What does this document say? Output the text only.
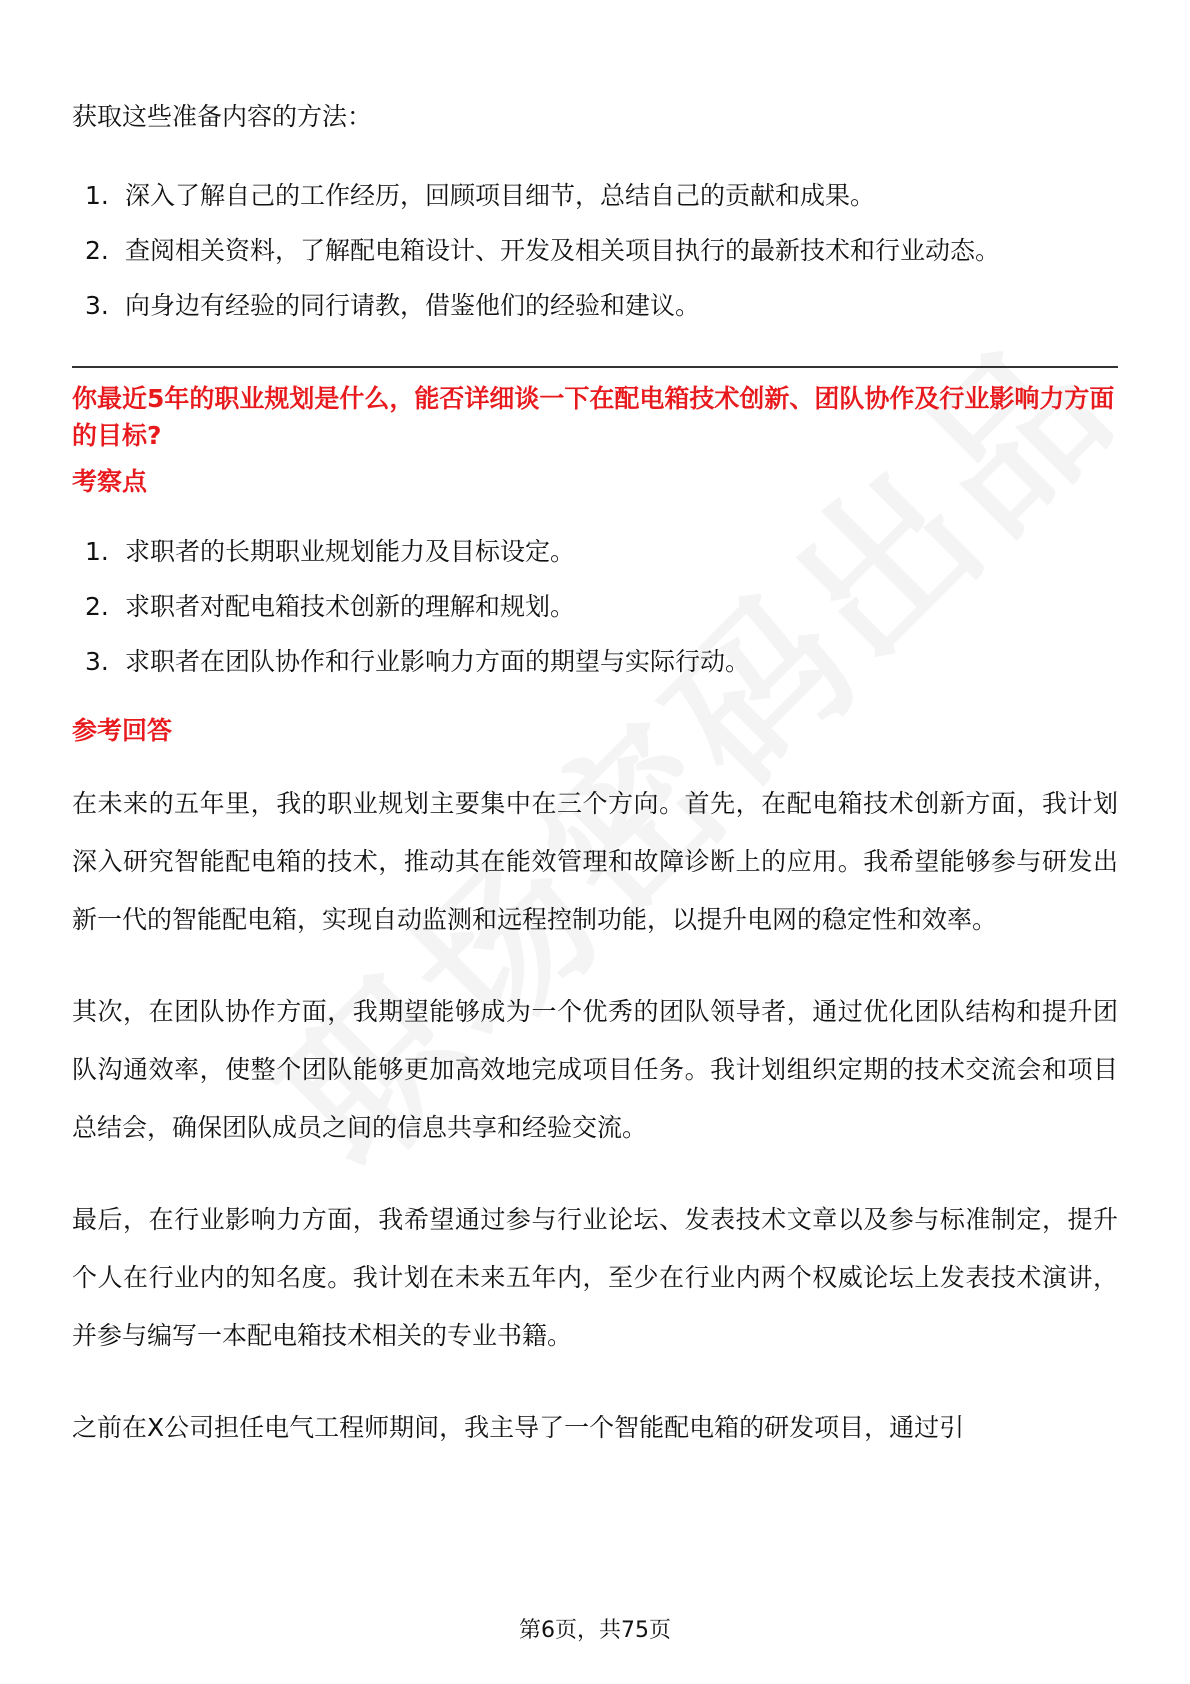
获取这些准备内容的方法：

1. 深入了解自己的工作经历，回顾项目细节，总结自己的贡献和成果。
2. 查阅相关资料，了解配电箱设计、开发及相关项目执行的最新技术和行业动态。
3. 向身边有经验的同行请教，借鉴他们的经验和建议。

你最近5年的职业规划是什么，能否详细谈一下在配电箱技术创新、团队协作及行业影响力方面的目标?

考察点

1. 求职者的长期职业规划能力及目标设定。
2. 求职者对配电箱技术创新的理解和规划。
3. 求职者在团队协作和行业影响力方面的期望与实际行动。

参考回答

在未来的五年里，我的职业规划主要集中在三个方向。首先，在配电箱技术创新方面，我计划深入研究智能配电箱的技术，推动其在能效管理和故障诊断上的应用。我希望能够参与研发出新一代的智能配电箱，实现自动监测和远程控制功能，以提升电网的稳定性和效率。

其次，在团队协作方面，我期望能够成为一个优秀的团队领导者，通过优化团队结构和提升团队沟通效率，使整个团队能够更加高效地完成项目任务。我计划组织定期的技术交流会和项目总结会，确保团队成员之间的信息共享和经验交流。

最后，在行业影响力方面，我希望通过参与行业论坛、发表技术文章以及参与标准制定，提升个人在行业内的知名度。我计划在未来五年内，至少在行业内两个权威论坛上发表技术演讲，并参与编写一本配电箱技术相关的专业书籍。

之前在X公司担任电气工程师期间，我主导了一个智能配电箱的研发项目，通过引

第6页，共75页
